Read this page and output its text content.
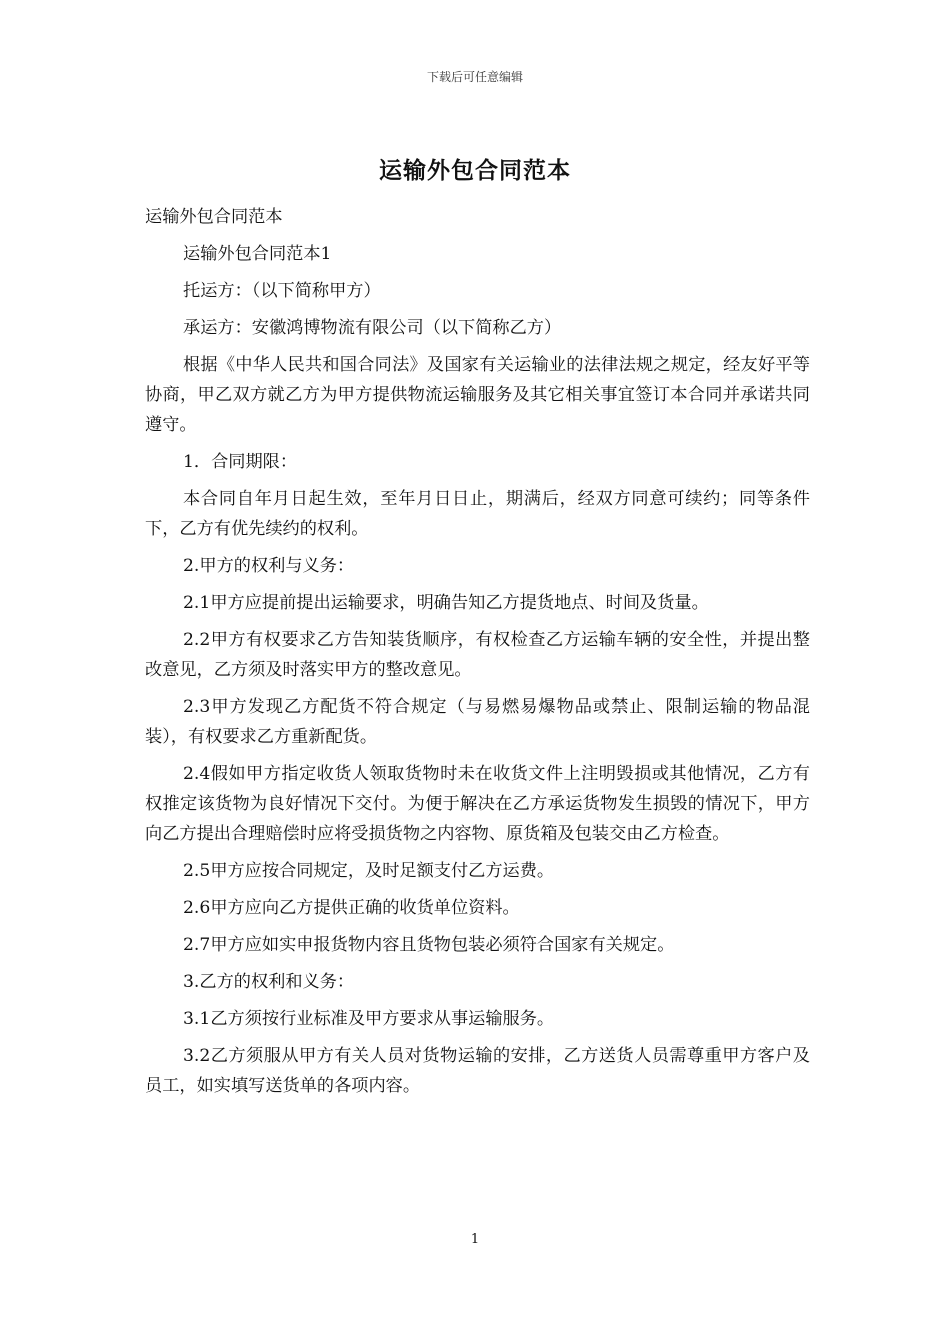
下载后可任意编辑
运输外包合同范本

运输外包合同范本

运输外包合同范本1

托运方：（以下简称甲方）

承运方：安徽鸿博物流有限公司（以下简称乙方）

根据《中华人民共和国合同法》及国家有关运输业的法律法规之规定，经友好平等协商，甲乙双方就乙方为甲方提供物流运输服务及其它相关事宜签订本合同并承诺共同遵守。

1．合同期限：

本合同自年月日起生效，至年月日日止，期满后，经双方同意可续约；同等条件下，乙方有优先续约的权利。

2.甲方的权利与义务：

2.1甲方应提前提出运输要求，明确告知乙方提货地点、时间及货量。

2.2甲方有权要求乙方告知装货顺序，有权检查乙方运输车辆的安全性，并提出整改意见，乙方须及时落实甲方的整改意见。

2.3甲方发现乙方配货不符合规定（与易燃易爆物品或禁止、限制运输的物品混装），有权要求乙方重新配货。

2.4假如甲方指定收货人领取货物时未在收货文件上注明毁损或其他情况，乙方有权推定该货物为良好情况下交付。为便于解决在乙方承运货物发生损毁的情况下，甲方向乙方提出合理赔偿时应将受损货物之内容物、原货箱及包装交由乙方检查。

2.5甲方应按合同规定，及时足额支付乙方运费。

2.6甲方应向乙方提供正确的收货单位资料。

2.7甲方应如实申报货物内容且货物包装必须符合国家有关规定。

3.乙方的权利和义务：

3.1乙方须按行业标准及甲方要求从事运输服务。

3.2乙方须服从甲方有关人员对货物运输的安排，乙方送货人员需尊重甲方客户及员工，如实填写送货单的各项内容。

1
